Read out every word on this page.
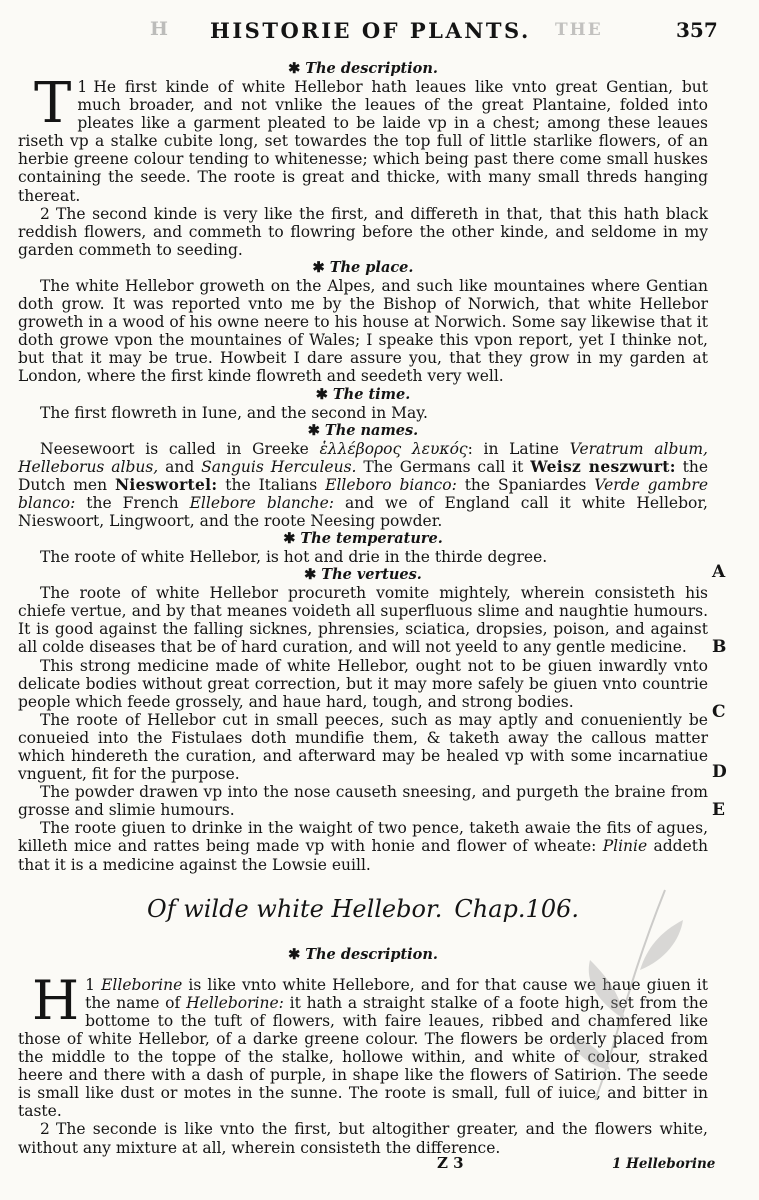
H HISTORIE OF PLANTS. THE	357
✱ The description.

1
T He first kinde of white Hellebor hath leaues like vnto great Gentian, but much broader, and not vnlike the leaues of the great Plantaine, folded into pleates like a garment pleated to be laide vp in a chest; among these leaues riseth vp a stalke cubite long, set towardes the top full of little starlike flowers, of an herbie greene colour tending to whitenesse; which being past there come small huskes containing the seede. The roote is great and thicke, with many small threds hanging thereat.

2 The second kinde is very like the first, and differeth in that, that this hath black reddish flowers, and commeth to flowring before the other kinde, and seldome in my garden commeth to seeding.

✱ The place.

The white Hellebor groweth on the Alpes, and such like mountaines where Gentian doth grow. It was reported vnto me by the Bishop of Norwich, that white Hellebor groweth in a wood of his owne neere to his house at Norwich. Some say likewise that it doth growe vpon the mountaines of Wales; I speake this vpon report, yet I thinke not, but that it may be true. Howbeit I dare assure you, that they grow in my garden at London, where the first kinde flowreth and seedeth very well.

✱ The time.

The first flowreth in Iune, and the second in May.

✱ The names.

Neesewoort is called in Greeke ἑλλέβορος λευκός: in Latine Veratrum album, Helleborus albus, and Sanguis Herculeus. The Germans call it Weisz neszwurt: the Dutch men Nieswortel: the Italians Elleboro bianco: the Spaniardes Verde gambre blanco: the French Ellebore blanche: and we of England call it white Hellebor, Nieswoort, Lingwoort, and the roote Neesing powder.

✱ The temperature.

The roote of white Hellebor, is hot and drie in the thirde degree.

✱ The vertues.

The roote of white Hellebor procureth vomite mightely, wherein consisteth his chiefe vertue, and by that meanes voideth all superfluous slime and naughtie humours. It is good against the falling sicknes, phrensies, sciatica, dropsies, poison, and against all colde diseases that be of hard curation, and will not yeeld to any gentle medicine.

This strong medicine made of white Hellebor, ought not to be giuen inwardly vnto delicate bodies without great correction, but it may more safely be giuen vnto countrie people which feede grossely, and haue hard, tough, and strong bodies.

The roote of Hellebor cut in small peeces, such as may aptly and conueniently be conueied into the Fistulaes doth mundifie them, & taketh away the callous matter which hindereth the curation, and afterward may be healed vp with some incarnatiue vnguent, fit for the purpose.

The powder drawen vp into the nose causeth sneesing, and purgeth the braine from grosse and slimie humours.

The roote giuen to drinke in the waight of two pence, taketh awaie the fits of agues, killeth mice and rattes being made vp with honie and flower of wheate: Plinie addeth that it is a medicine against the Lowsie euill.

Of wilde white Hellebor. Chap.106.
✱ The description.

1
H Elleborine is like vnto white Hellebore, and for that cause we haue giuen it the name of Helleborine: it hath a straight stalke of a foote high, set from the bottome to the tuft of flowers, with faire leaues, ribbed and chamfered like those of white Hellebor, of a darke greene colour. The flowers be orderly placed from the middle to the toppe of the stalke, hollowe within, and white of colour, straked heere and there with a dash of purple, in shape like the flowers of Satirion. The seede is small like dust or motes in the sunne. The roote is small, full of iuice, and bitter in taste.

2 The seconde is like vnto the first, but altogither greater, and the flowers white, without any mixture at all, wherein consisteth the difference.

A
B
C
D
E
Z 3	1 Helleborine
